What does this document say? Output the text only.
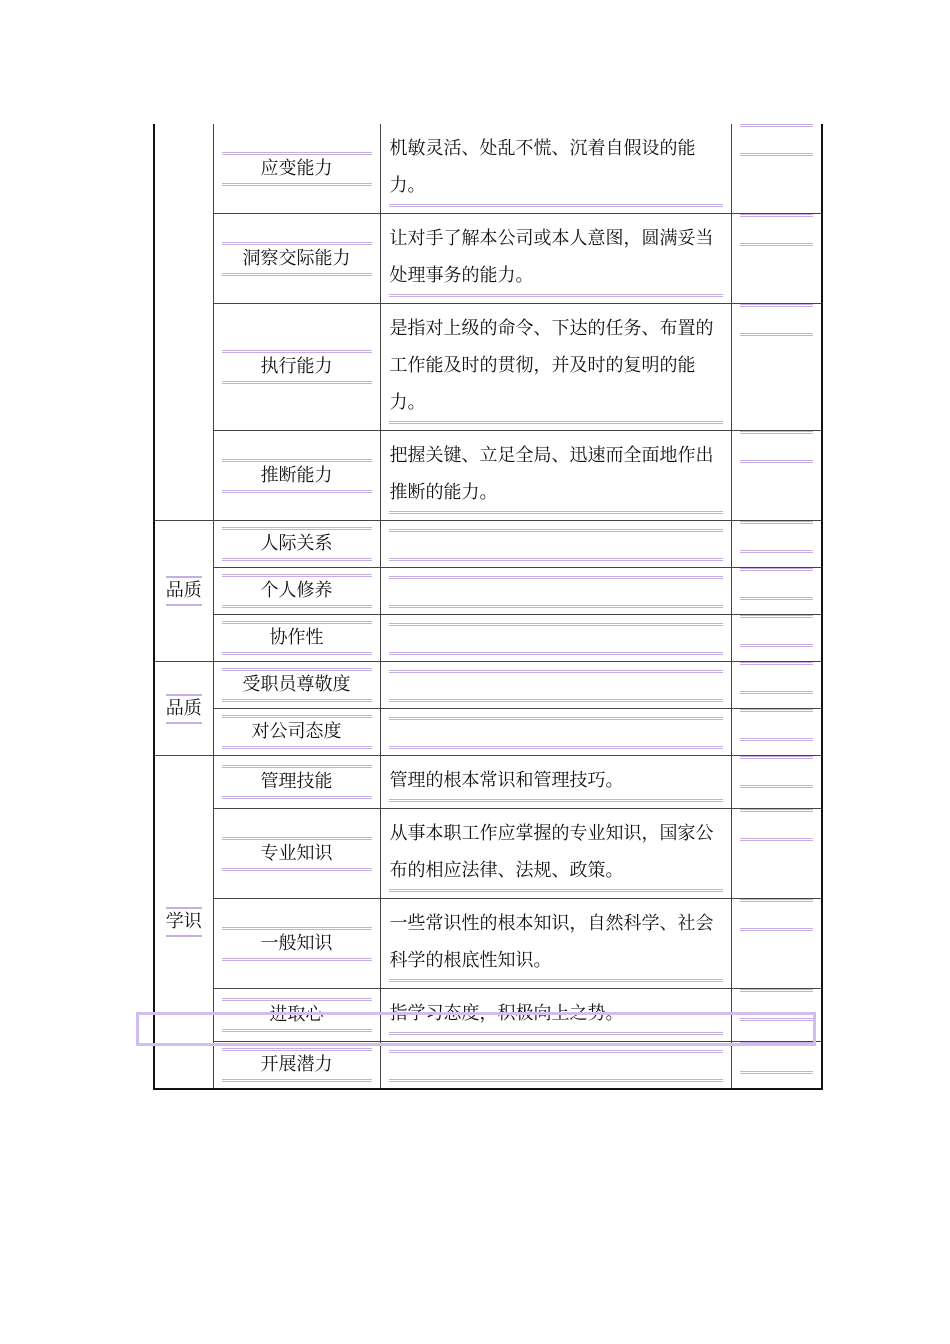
	应变能力	机敏灵活、处乱不慌、沉着自假设的能力。	

	洞察交际能力	让对手了解本公司或本人意图，圆满妥当处理事务的能力。	

	执行能力	是指对上级的命令、下达的任务、布置的工作能及时的贯彻，并及时的复明的能力。	

	推断能力	把握关键、立足全局、迅速而全面地作出推断的能力。	

品质	人际关系		

	个人修养		

	协作性		

品质	受职员尊敬度		

	对公司态度		

学识	管理技能	管理的根本常识和管理技巧。	

	专业知识	从事本职工作应掌握的专业知识，国家公布的相应法律、法规、政策。	

	一般知识	一些常识性的根本知识，自然科学、社会科学的根底性知识。	

	进取心	指学习态度，积极向上之势。	

	开展潜力		
